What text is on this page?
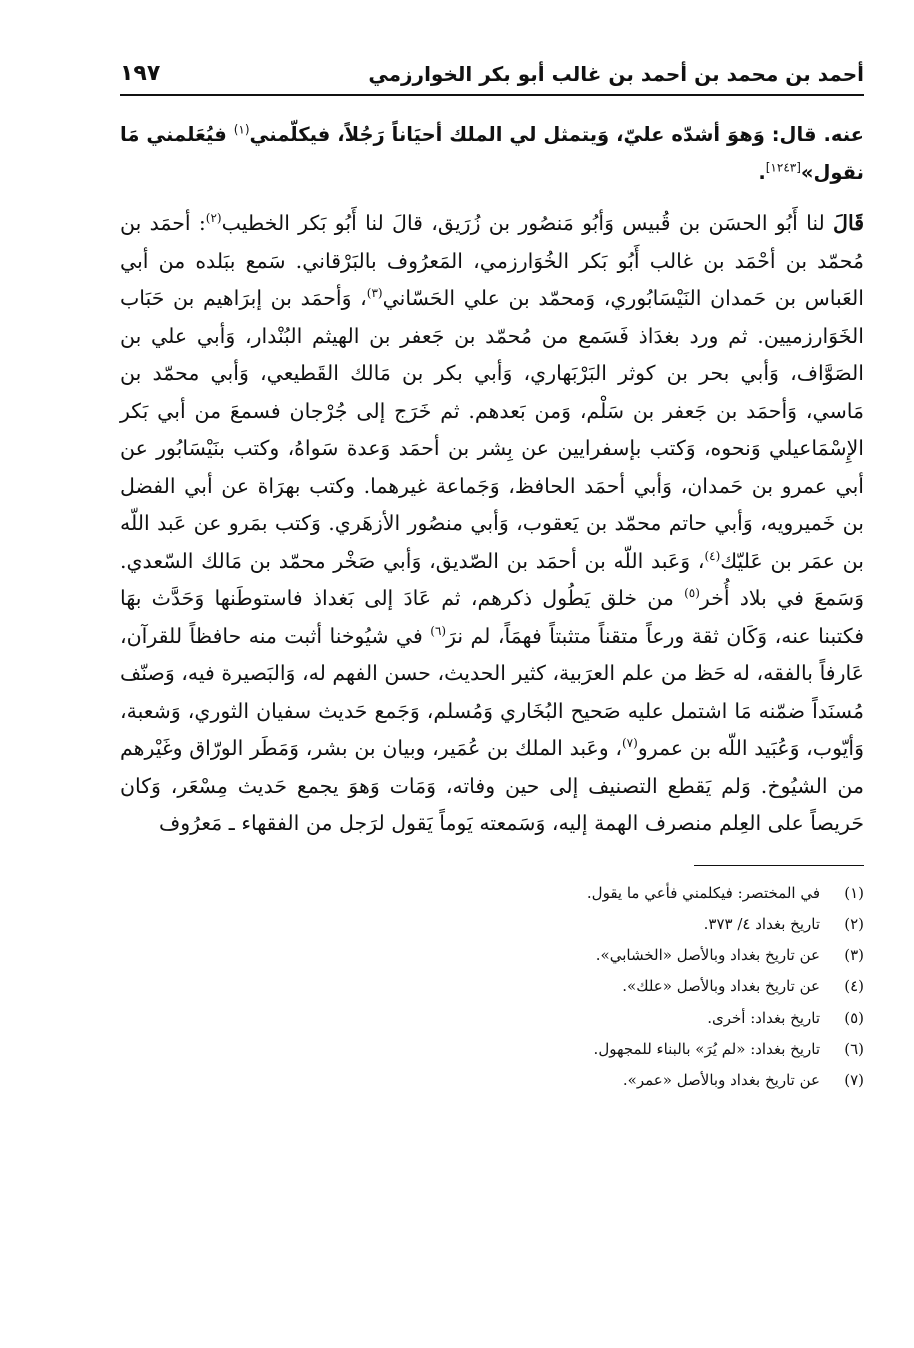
أحمد بن محمد بن أحمد بن غالب أبو بكر الخوارزمي
١٩٧

عنه. قال: وَهوَ أشدّه عليّ، وَيتمثل لي الملك أحيَاناً رَجُلاً، فيكلّمني$^{(١)}$ فيُعَلمني مَا نقول»[١٢٤٣].

قَالَ لنا أَبُو الحسَن بن قُبيس وَأبُو مَنصُور بن زُرَيق، قالَ لنا أَبُو بَكر الخطيب$^{(٢)}$: أحمَد بن مُحمّد بن أحْمَد بن غالب أَبُو بَكر الخُوَارزمي، المَعرُوف بالبَرْقاني. سَمع ببَلده من أبي العَباس بن حَمدان النَيْسَابُوري، وَمحمّد بن علي الحَسّاني$^{(٣)}$، وَأحمَد بن إبرَاهيم بن حَبَاب الخَوَارزميين. ثم ورد بغدَاذ فَسَمع من مُحمّد بن جَعفر بن الهيثم البُنْدار، وَأبي علي بن الصَوَّاف، وَأبي بحر بن كوثر البَرْبَهاري، وَأبي بكر بن مَالك القَطيعي، وَأبي محمّد بن مَاسي، وَأحمَد بن جَعفر بن سَلْم، وَمن بَعدهم. ثم خَرَج إلى جُرْجان فسمعَ من أبي بَكر الإِسْمَاعيلي وَنحوه، وَكتب بإسفرايين عن بِشر بن أحمَد وَعدة سَواهُ، وكتب بنَيْسَابُور عن أبي عمرو بن حَمدان، وَأبي أحمَد الحافظ، وَجَماعة غيرهما. وكتب بهرَاة عن أبي الفضل بن خَميرويه، وَأبي حاتم محمّد بن يَعقوب، وَأبي منصُور الأزهَري. وَكتب بمَرو عن عَبد اللّه بن عمَر بن عَليّك$^{(٤)}$، وَعَبد اللّه بن أحمَد بن الصّديق، وَأبي صَخْر محمّد بن مَالك السّعدي. وَسَمعَ في بلاد أُخر$^{(٥)}$ من خلق يَطُول ذكرهم، ثم عَادَ إلى بَغداذ فاستوطَنها وَحَدَّث بهَا فكتبنا عنه، وَكَان ثقة ورعاً متقناً متثبتاً فهمَاً، لم نرَ$^{(٦)}$ في شيُوخنا أثبت منه حافظاً للقرآن، عَارفاً بالفقه، له حَظ من علم العرَبية، كثير الحديث، حسن الفهم له، وَالبَصيرة فيه، وَصنّف مُسنَداً ضمّنه مَا اشتمل عليه صَحيح البُخَاري وَمُسلم، وَجَمع حَديث سفيان الثوري، وَشعبة، وَأيّوب، وَعُبَيد اللّه بن عمرو$^{(٧)}$، وعَبد الملك بن عُمَير، وبيان بن بشر، وَمَطَر الورّاق وغَيْرهم من الشيُوخ. وَلم يَقطع التصنيف إلى حين وفاته، وَمَات وَهوَ يجمع حَديث مِسْعَر، وَكان حَريصاً على العِلم منصرف الهمة إليه، وَسَمعته يَوماً يَقول لرَجل من الفقهاء ـ مَعرُوف

(١)
في المختصر: فيكلمني فأعي ما يقول.
(٢)
تاريخ بغداد ٤/ ٣٧٣.
(٣)
عن تاريخ بغداد وبالأصل «الخشابي».
(٤)
عن تاريخ بغداد وبالأصل «علك».
(٥)
تاريخ بغداد: أخرى.
(٦)
تاريخ بغداد: «لم يُرَ» بالبناء للمجهول.
(٧)
عن تاريخ بغداد وبالأصل «عمر».
